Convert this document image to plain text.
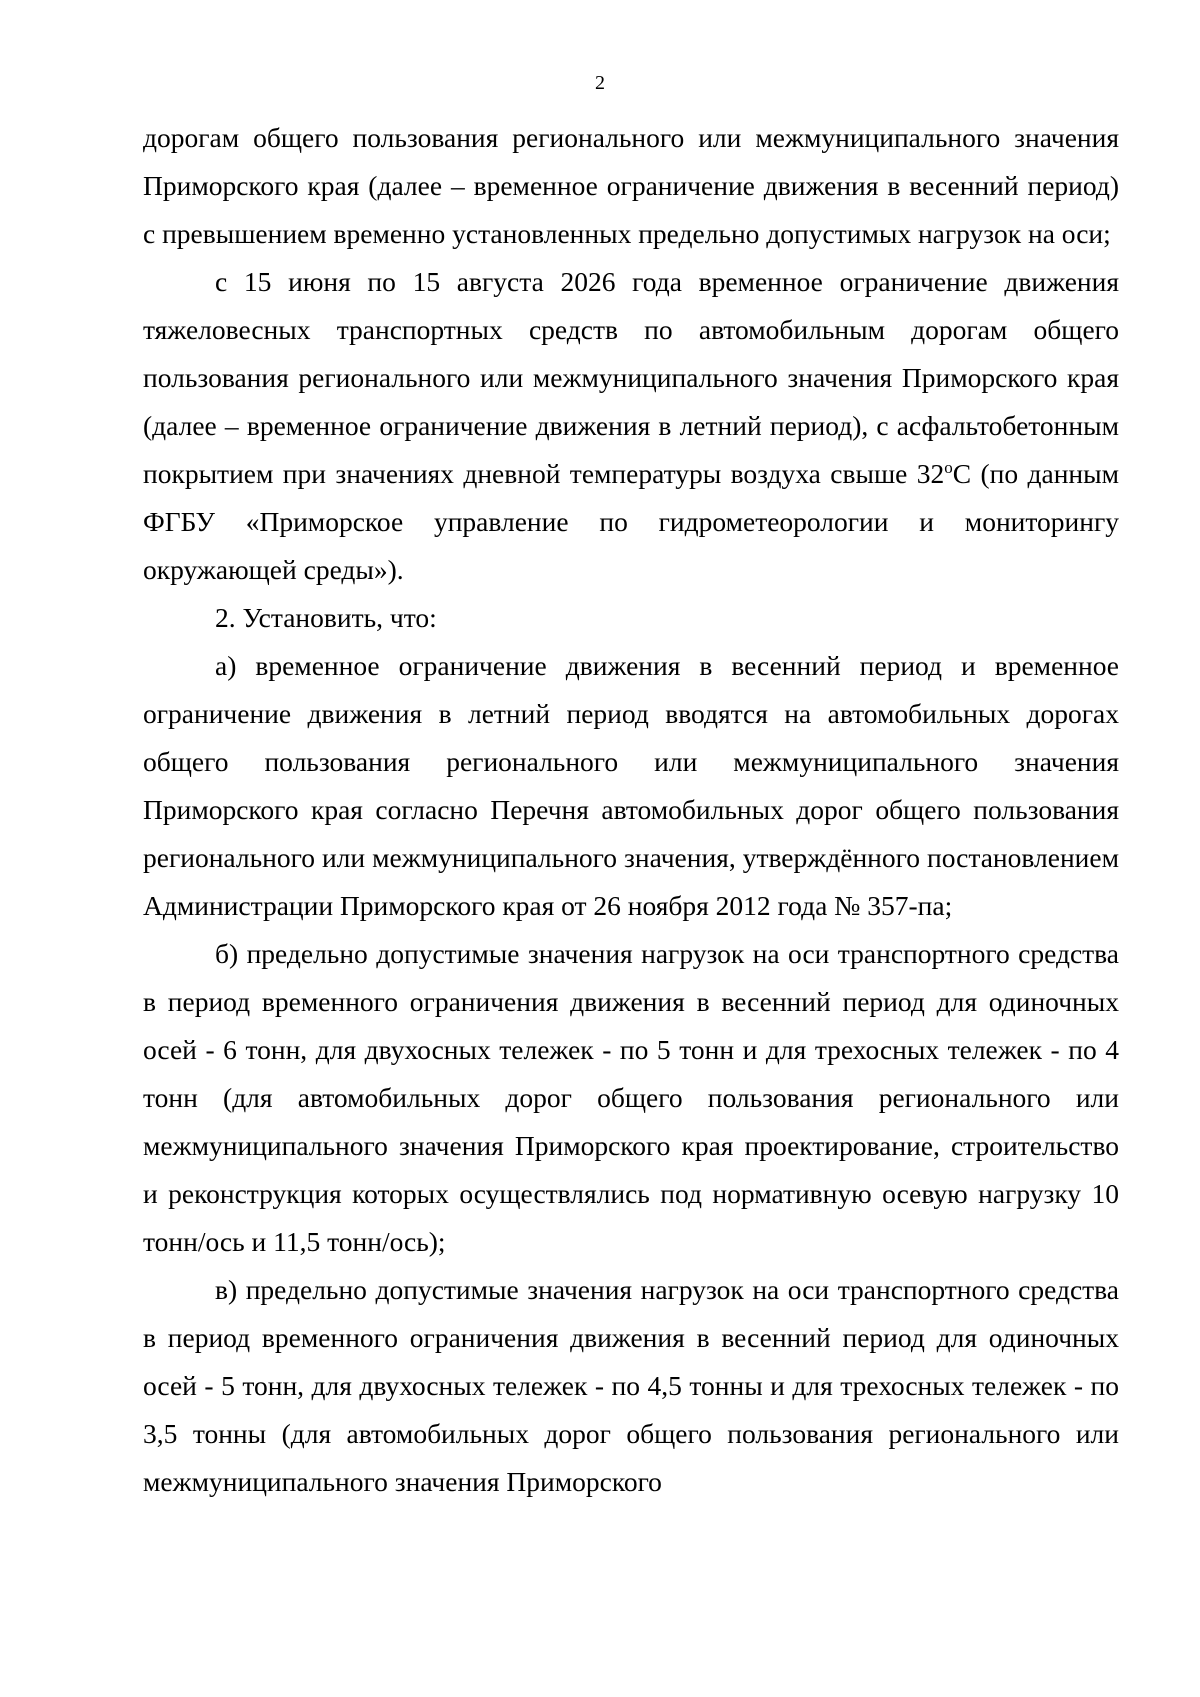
2

дорогам общего пользования регионального или межмуниципального значения Приморского края (далее – временное ограничение движения в весенний период) с превышением временно установленных предельно допустимых нагрузок на оси;

с 15 июня по 15 августа 2026 года временное ограничение движения тяжеловесных транспортных средств по автомобильным дорогам общего пользования регионального или межмуниципального значения Приморского края (далее – временное ограничение движения в летний период), с асфальтобетонным покрытием при значениях дневной температуры воздуха свыше $32^оС$ (по данным ФГБУ «Приморское управление по гидрометеорологии и мониторингу окружающей среды»).

2. Установить, что:

а) временное ограничение движения в весенний период и временное ограничение движения в летний период вводятся на автомобильных дорогах общего пользования регионального или межмуниципального значения Приморского края согласно Перечня автомобильных дорог общего пользования регионального или межмуниципального значения, утверждённого постановлением Администрации Приморского края от 26 ноября 2012 года № 357-па;

б) предельно допустимые значения нагрузок на оси транспортного средства в период временного ограничения движения в весенний период для одиночных осей - 6 тонн, для двухосных тележек - по 5 тонн и для трехосных тележек - по 4 тонн (для автомобильных дорог общего пользования регионального или межмуниципального значения Приморского края проектирование, строительство и реконструкция которых осуществлялись под нормативную осевую нагрузку 10 тонн/ось и 11,5 тонн/ось);

в) предельно допустимые значения нагрузок на оси транспортного средства в период временного ограничения движения в весенний период для одиночных осей - 5 тонн, для двухосных тележек - по 4,5 тонны и для трехосных тележек - по 3,5 тонны (для автомобильных дорог общего пользования регионального или межмуниципального значения Приморского
